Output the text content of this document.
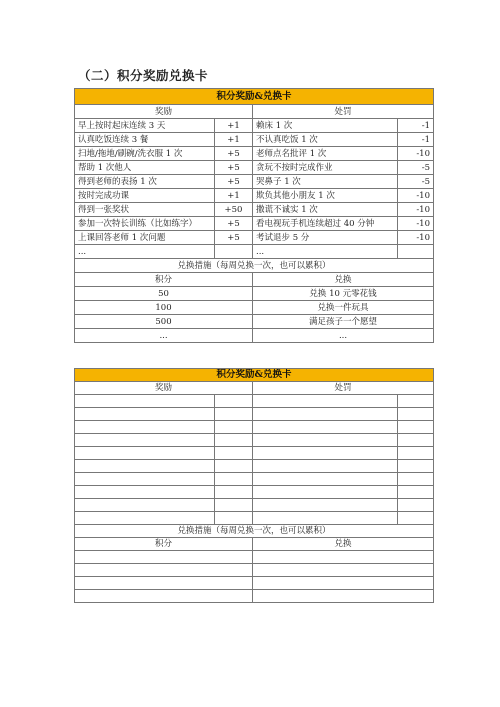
（二）积分奖励兑换卡
积分奖励&兑换卡			
奖励		处罚	
早上按时起床连续 3 天	+1	赖床 1 次	-1
认真吃饭连续 3 餐	+1	不认真吃饭 1 次	-1
扫地/拖地/刷碗/洗衣服 1 次	+5	老师点名批评 1 次	-10
帮助 1 次他人	+5	贪玩不按时完成作业	-5
得到老师的表扬 1 次	+5	哭鼻子 1 次	-5
按时完成功课	+1	欺负其他小朋友 1 次	-10
得到一张奖状	+50	撒谎不诚实 1 次	-10
参加一次特长训练（比如练字）	+5	看电视玩手机连续超过 40 分钟	-10
上课回答老师 1 次问题	+5	考试退步 5 分	-10
...		...	
兑换措施（每周兑换一次，也可以累积）			
积分		兑换	
50		兑换 10 元零花钱	
100		兑换一件玩具	
500		满足孩子一个愿望	
...		...	
积分奖励&兑换卡			
奖励		处罚	

兑换措施（每周兑换一次，也可以累积）			
积分		兑换	
